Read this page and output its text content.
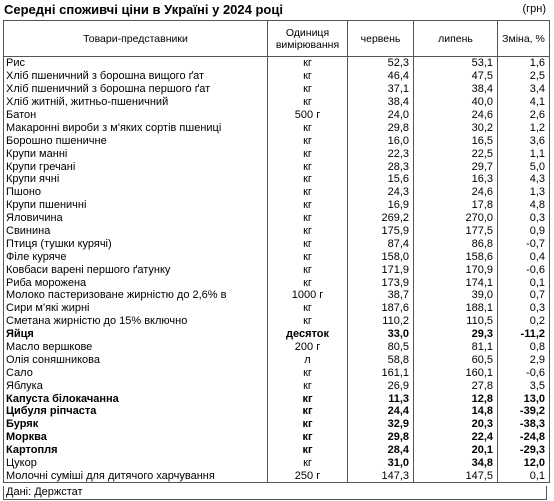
Середні споживчі ціни в Україні у 2024 році	(грн)
Товари-представники	Одиниця вимірювання	червень	липень	Зміна, %
Рис	кг	52,3	53,1	1,6
Хліб пшеничний з борошна вищого ґат	кг	46,4	47,5	2,5
Хліб пшеничний з борошна першого ґат	кг	37,1	38,4	3,4
Хліб житній, житньо-пшеничний	кг	38,4	40,0	4,1
Батон	500 г	24,0	24,6	2,6
Макаронні вироби з м'яких сортів пшениці	кг	29,8	30,2	1,2
Борошно пшеничне	кг	16,0	16,5	3,6
Крупи манні	кг	22,3	22,5	1,1
Крупи гречані	кг	28,3	29,7	5,0
Крупи ячні	кг	15,6	16,3	4,3
Пшоно	кг	24,3	24,6	1,3
Крупи пшеничні	кг	16,9	17,8	4,8
Яловичина	кг	269,2	270,0	0,3
Свинина	кг	175,9	177,5	0,9
Птиця (тушки курячі)	кг	87,4	86,8	-0,7
Філе куряче	кг	158,0	158,6	0,4
Ковбаси варені першого ґатунку	кг	171,9	170,9	-0,6
Риба морожена	кг	173,9	174,1	0,1
Молоко пастеризоване жирністю до 2,6% в	1000 г	38,7	39,0	0,7
Сири м'які жирні	кг	187,6	188,1	0,3
Сметана жирністю до 15% включно	кг	110,2	110,5	0,2
Яйця	десяток	33,0	29,3	-11,2
Масло вершкове	200 г	80,5	81,1	0,8
Олія соняшникова	л	58,8	60,5	2,9
Сало	кг	161,1	160,1	-0,6
Яблука	кг	26,9	27,8	3,5
Капуста білокачанна	кг	11,3	12,8	13,0
Цибуля ріпчаста	кг	24,4	14,8	-39,2
Буряк	кг	32,9	20,3	-38,3
Морква	кг	29,8	22,4	-24,8
Картопля	кг	28,4	20,1	-29,3
Цукор	кг	31,0	34,8	12,0
Молочні суміші для дитячого харчування	250 г	147,3	147,5	0,1
Дані: Держстат
